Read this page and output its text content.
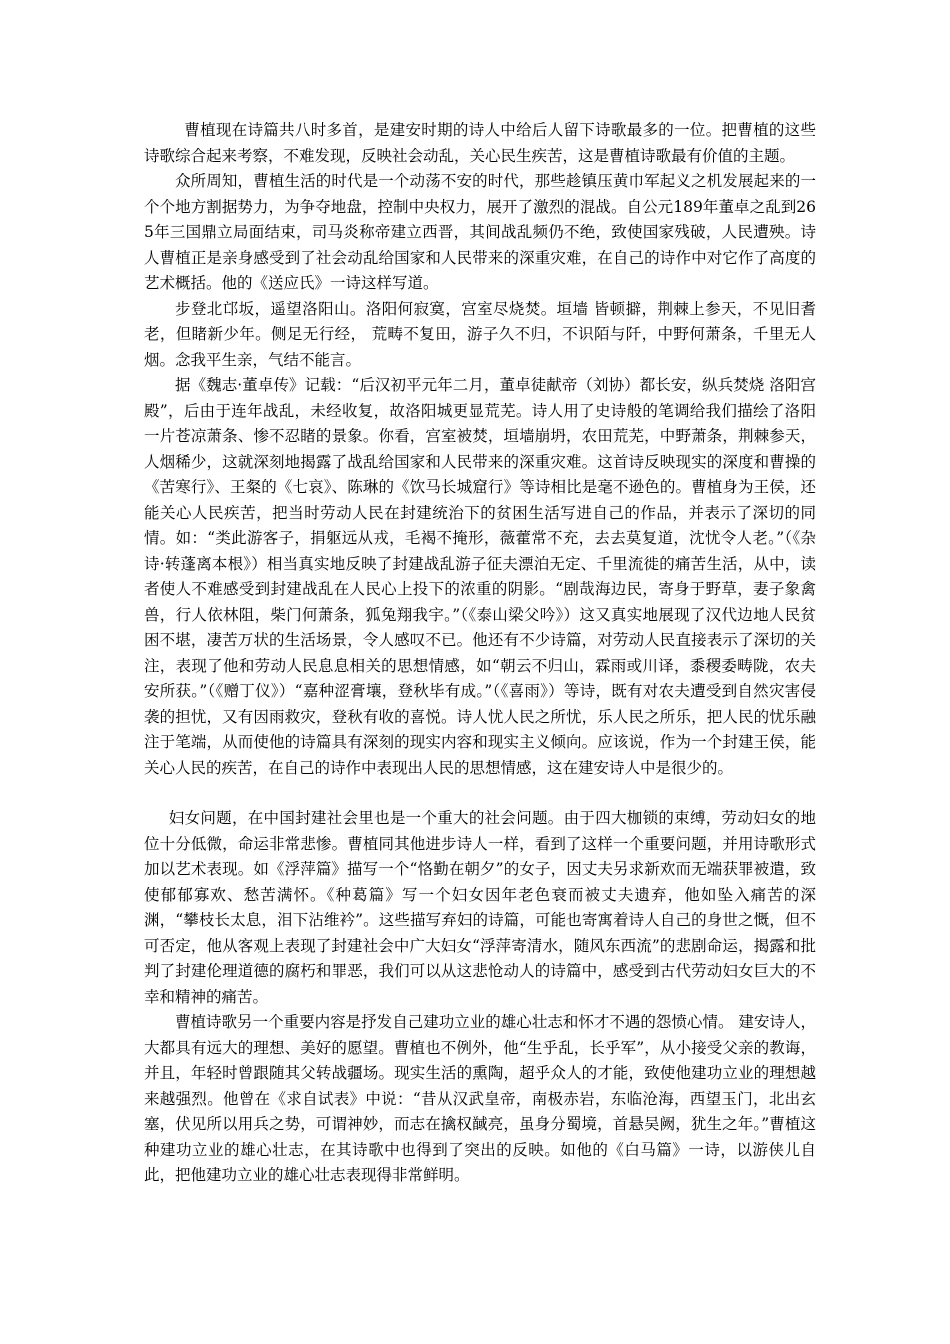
曹植现在诗篇共八时多首，是建安时期的诗人中给后人留下诗歌最多的一位。把曹植的这些诗歌综合起来考察，不难发现，反映社会动乱，关心民生疾苦，这是曹植诗歌最有价值的主题。

众所周知，曹植生活的时代是一个动荡不安的时代，那些趁镇压黄巾军起义之机发展起来的一个个地方割据势力，为争夺地盘，控制中央权力，展开了激烈的混战。自公元189年董卓之乱到265年三国鼎立局面结束，司马炎称帝建立西晋，其间战乱频仍不绝，致使国家残破，人民遭殃。诗人曹植正是亲身感受到了社会动乱给国家和人民带来的深重灾难，在自己的诗作中对它作了高度的艺术概括。他的《送应氏》一诗这样写道。

步登北邙坂，遥望洛阳山。洛阳何寂寞，宫室尽烧焚。垣墙 皆顿擗，荆棘上参天，不见旧耆老，但睹新少年。侧足无行经， 荒畴不复田，游子久不归，不识陌与阡，中野何萧条，千里无人 烟。念我平生亲，气结不能言。

据《魏志·董卓传》记载：“后汉初平元年二月，董卓徒献帝（刘协）都长安，纵兵焚烧 洛阳宫殿”，后由于连年战乱，未经收复，故洛阳城更显荒芜。诗人用了史诗般的笔调给我们描绘了洛阳一片苍凉萧条、惨不忍睹的景象。你看，宫室被焚，垣墙崩坍，农田荒芜，中野萧条，荆棘参天，人烟稀少，这就深刻地揭露了战乱给国家和人民带来的深重灾难。这首诗反映现实的深度和曹操的《苦寒行》、王粲的《七哀》、陈琳的《饮马长城窟行》等诗相比是毫不逊色的。曹植身为王侯，还能关心人民疾苦，把当时劳动人民在封建统治下的贫困生活写进自己的作品，并表示了深切的同情。如：“类此游客子，捐躯远从戎，毛褐不掩形，薇藿常不充，去去莫复道，沈忧令人老。”（《杂诗·转蓬离本根》）相当真实地反映了封建战乱游子征夫漂泊无定、千里流徙的痛苦生活，从中，读者使人不难感受到封建战乱在人民心上投下的浓重的阴影。“剧哉海边民，寄身于野草，妻子象禽兽，行人依林阻，柴门何萧条，狐兔翔我宇。”（《泰山梁父吟》）这又真实地展现了汉代边地人民贫困不堪，凄苦万状的生活场景，令人感叹不已。他还有不少诗篇，对劳动人民直接表示了深切的关注，表现了他和劳动人民息息相关的思想情感，如“朝云不归山，霖雨或川译，黍稷委畴陇，农夫安所获。”（《赠丁仪》）“嘉种涩膏壤，登秋毕有成。”（《喜雨》）等诗，既有对农夫遭受到自然灾害侵袭的担忧，又有因雨救灾，登秋有收的喜悦。诗人忧人民之所忧，乐人民之所乐，把人民的忧乐融注于笔端，从而使他的诗篇具有深刻的现实内容和现实主义倾向。应该说，作为一个封建王侯，能关心人民的疾苦，在自己的诗作中表现出人民的思想情感，这在建安诗人中是很少的。

妇女问题，在中国封建社会里也是一个重大的社会问题。由于四大枷锁的束缚，劳动妇女的地位十分低微，命运非常悲惨。曹植同其他进步诗人一样，看到了这样一个重要问题，并用诗歌形式加以艺术表现。如《浮萍篇》描写一个“恪勤在朝夕”的女子，因丈夫另求新欢而无端获罪被遣，致使郁郁寡欢、愁苦满怀。《种葛篇》写一个妇女因年老色衰而被丈夫遗弃，他如坠入痛苦的深渊，“攀枝长太息，泪下沾维衿”。这些描写弃妇的诗篇，可能也寄寓着诗人自己的身世之慨，但不可否定，他从客观上表现了封建社会中广大妇女“浮萍寄清水，随风东西流”的悲剧命运，揭露和批判了封建伦理道德的腐朽和罪恶，我们可以从这悲怆动人的诗篇中，感受到古代劳动妇女巨大的不幸和精神的痛苦。

曹植诗歌另一个重要内容是抒发自己建功立业的雄心壮志和怀才不遇的怨愤心情。 建安诗人，大都具有远大的理想、美好的愿望。曹植也不例外，他“生乎乱，长乎军”，从小接受父亲的教诲，并且，年轻时曾跟随其父转战疆场。现实生活的熏陶，超乎众人的才能，致使他建功立业的理想越来越强烈。他曾在《求自试表》中说：“昔从汉武皇帝，南极赤岩，东临沧海，西望玉门，北出玄塞，伏见所以用兵之势，可谓神妙，而志在擒权馘亮，虽身分蜀境，首悬吴阙，犹生之年。”曹植这种建功立业的雄心壮志，在其诗歌中也得到了突出的反映。如他的《白马篇》一诗，以游侠儿自此，把他建功立业的雄心壮志表现得非常鲜明。
